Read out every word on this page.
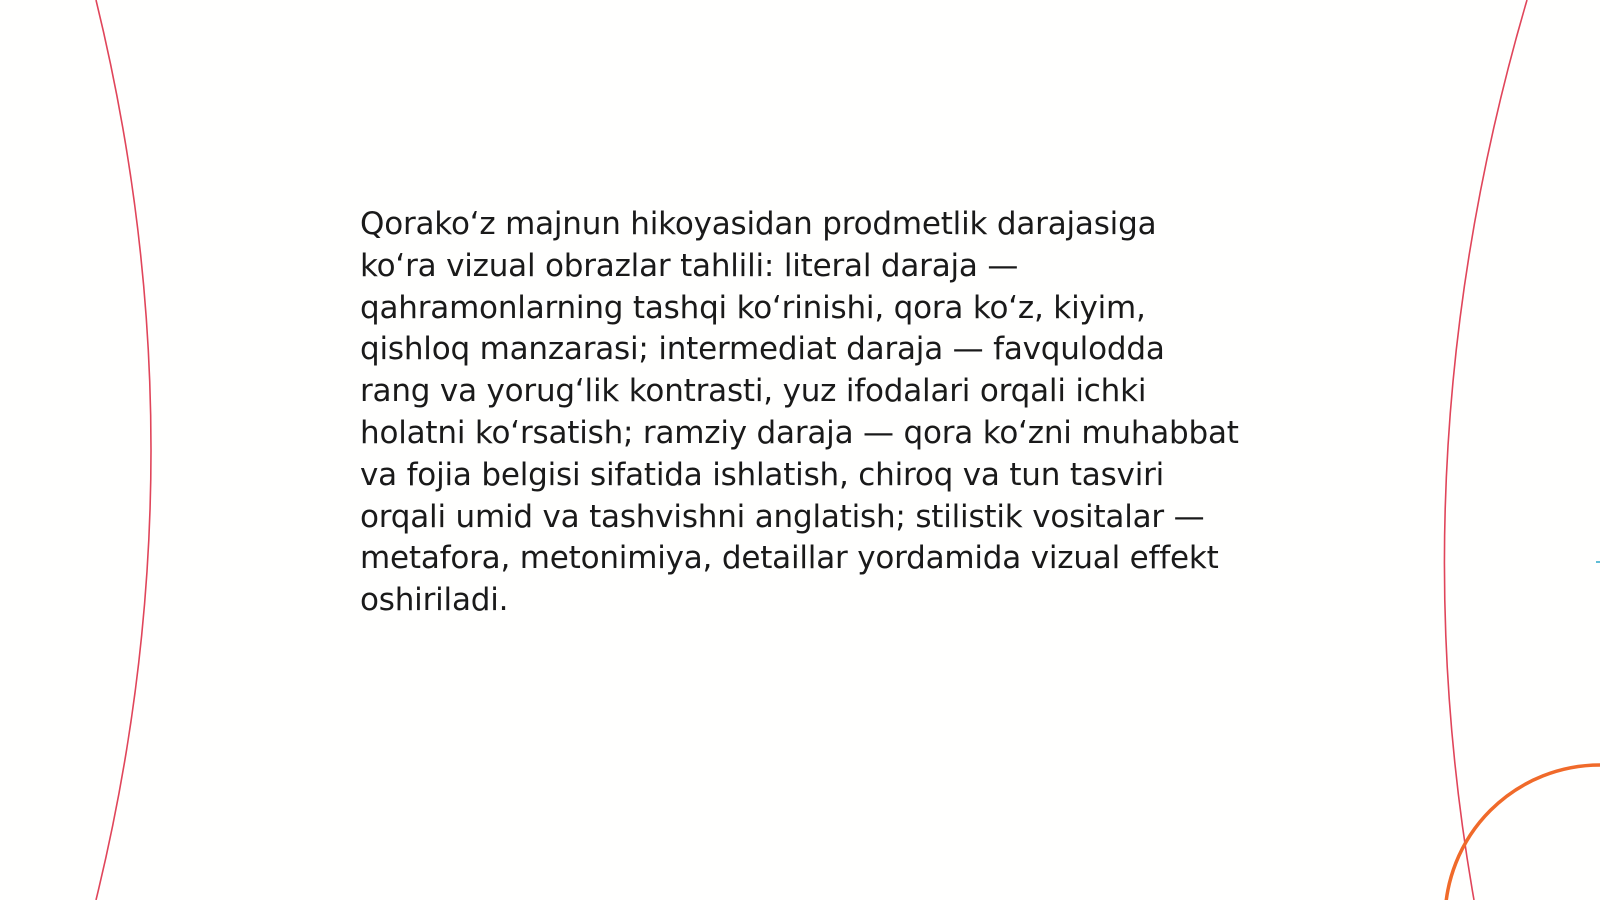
Qorakoʻz majnun hikoyasidan prodmetlik darajasiga koʻra vizual obrazlar tahlili: literal daraja — qahramonlarning tashqi koʻrinishi, qora koʻz, kiyim, qishloq manzarasi; intermediat daraja — favqulodda rang va yorugʻlik kontrasti, yuz ifodalari orqali ichki holatni koʻrsatish; ramziy daraja — qora koʻzni muhabbat va fojia belgisi sifatida ishlatish, chiroq va tun tasviri orqali umid va tashvishni anglatish; stilistik vositalar — metafora, metonimiya, detaillar yordamida vizual effekt oshiriladi.
